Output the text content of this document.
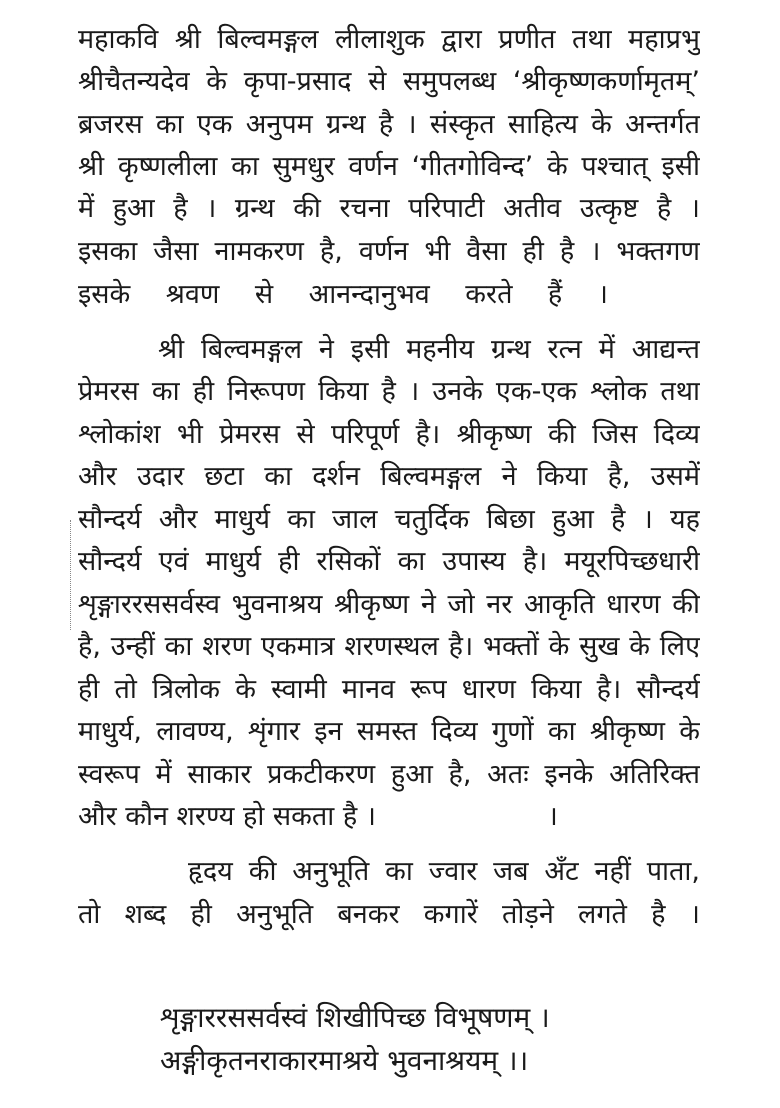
महाकवि श्री बिल्वमङ्गल लीलाशुक द्वारा प्रणीत तथा महाप्रभु
श्रीचैतन्यदेव के कृपा-प्रसाद से समुपलब्ध ‘श्रीकृष्णकर्णामृतम्’
ब्रजरस का एक अनुपम ग्रन्थ है । संस्कृत साहित्य के अन्तर्गत
श्री कृष्णलीला का सुमधुर वर्णन ‘गीतगोविन्द’ के पश्चात् इसी
में हुआ है । ग्रन्थ की रचना परिपाटी अतीव उत्कृष्ट है ।
इसका जैसा नामकरण है, वर्णन भी वैसा ही है । भक्तगण
इसके श्रवण से आनन्दानुभव करते हैं ।
श्री बिल्वमङ्गल ने इसी महनीय ग्रन्थ रत्न में आद्यन्त
प्रेमरस का ही निरूपण किया है । उनके एक-एक श्लोक तथा
श्लोकांश भी प्रेमरस से परिपूर्ण है। श्रीकृष्ण की जिस दिव्य
और उदार छटा का दर्शन बिल्वमङ्गल ने किया है, उसमें
सौन्दर्य और माधुर्य का जाल चतुर्दिक बिछा हुआ है । यह
सौन्दर्य एवं माधुर्य ही रसिकों का उपास्य है। मयूरपिच्छधारी
शृङ्गाररससर्वस्व भुवनाश्रय श्रीकृष्ण ने जो नर आकृति धारण की
है, उन्हीं का शरण एकमात्र शरणस्थल है। भक्तों के सुख के लिए
ही तो त्रिलोक के स्वामी मानव रूप धारण किया है। सौन्दर्य
माधुर्य, लावण्य, शृंगार इन समस्त दिव्य गुणों का श्रीकृष्ण के
स्वरूप में साकार प्रकटीकरण हुआ है, अतः इनके अतिरिक्त
और कौन शरण्य हो सकता है ।                    ।
हृदय की अनुभूति का ज्वार जब अँट नहीं पाता,
तो शब्द ही अनुभूति बनकर कगारें तोड़ने लगते है ।
शृङ्गाररससर्वस्वं शिखीपिच्छ विभूषणम् ।
अङ्गीकृतनराकारमाश्रये भुवनाश्रयम् ।।
